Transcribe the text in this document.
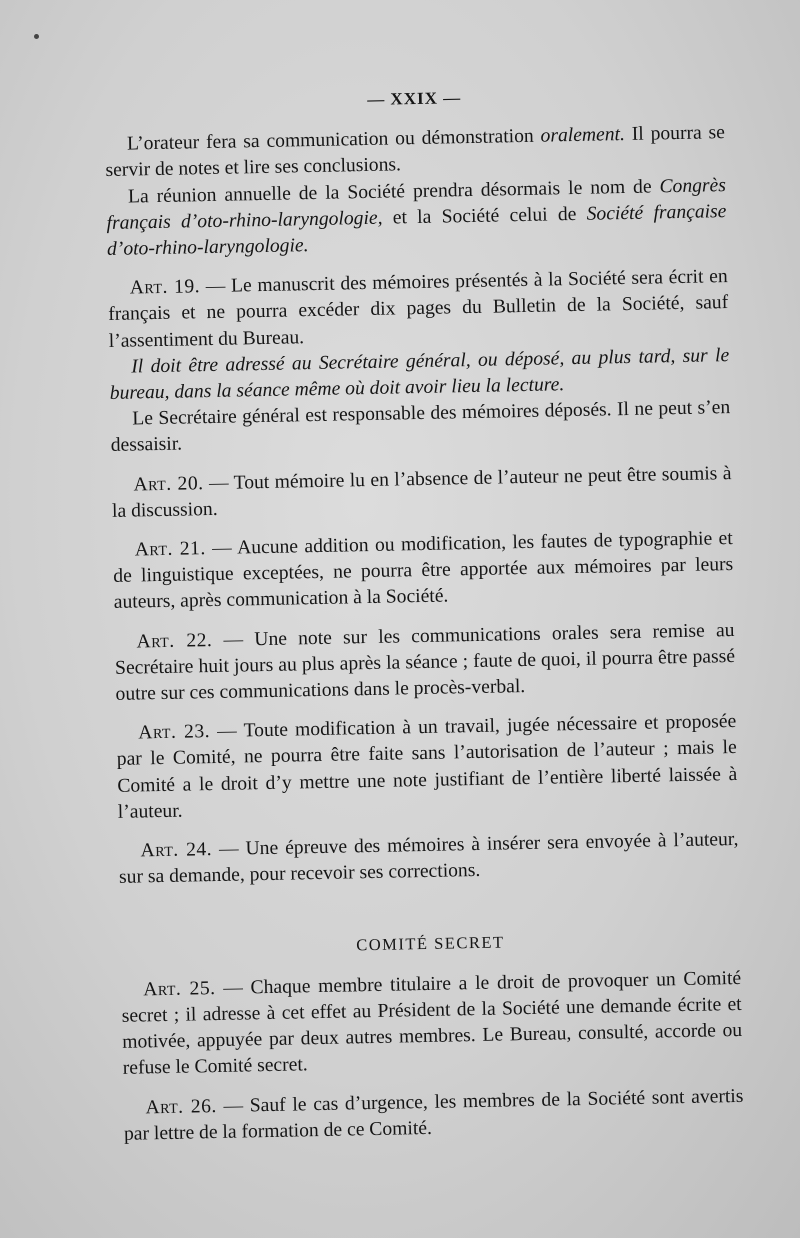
— XXIX —

L’orateur fera sa communication ou démonstration oralement. Il pourra se servir de notes et lire ses conclusions.

La réunion annuelle de la Société prendra désormais le nom de Congrès français d’oto-rhino-laryngologie, et la Société celui de Société française d’oto-rhino-laryngologie.

Art. 19. — Le manuscrit des mémoires présentés à la Société sera écrit en français et ne pourra excéder dix pages du Bulletin de la Société, sauf l’assentiment du Bureau.

Il doit être adressé au Secrétaire général, ou déposé, au plus tard, sur le bureau, dans la séance même où doit avoir lieu la lecture.

Le Secrétaire général est responsable des mémoires déposés. Il ne peut s’en dessaisir.

Art. 20. — Tout mémoire lu en l’absence de l’auteur ne peut être soumis à la discussion.

Art. 21. — Aucune addition ou modification, les fautes de typographie et de linguistique exceptées, ne pourra être apportée aux mémoires par leurs auteurs, après communication à la Société.

Art. 22. — Une note sur les communications orales sera remise au Secrétaire huit jours au plus après la séance ; faute de quoi, il pourra être passé outre sur ces communications dans le procès-verbal.

Art. 23. — Toute modification à un travail, jugée nécessaire et proposée par le Comité, ne pourra être faite sans l’autorisation de l’auteur ; mais le Comité a le droit d’y mettre une note justifiant de l’entière liberté laissée à l’auteur.

Art. 24. — Une épreuve des mémoires à insérer sera envoyée à l’auteur, sur sa demande, pour recevoir ses corrections.

COMITÉ SECRET

Art. 25. — Chaque membre titulaire a le droit de provoquer un Comité secret ; il adresse à cet effet au Président de la Société une demande écrite et motivée, appuyée par deux autres membres. Le Bureau, consulté, accorde ou refuse le Comité secret.

Art. 26. — Sauf le cas d’urgence, les membres de la Société sont avertis par lettre de la formation de ce Comité.
